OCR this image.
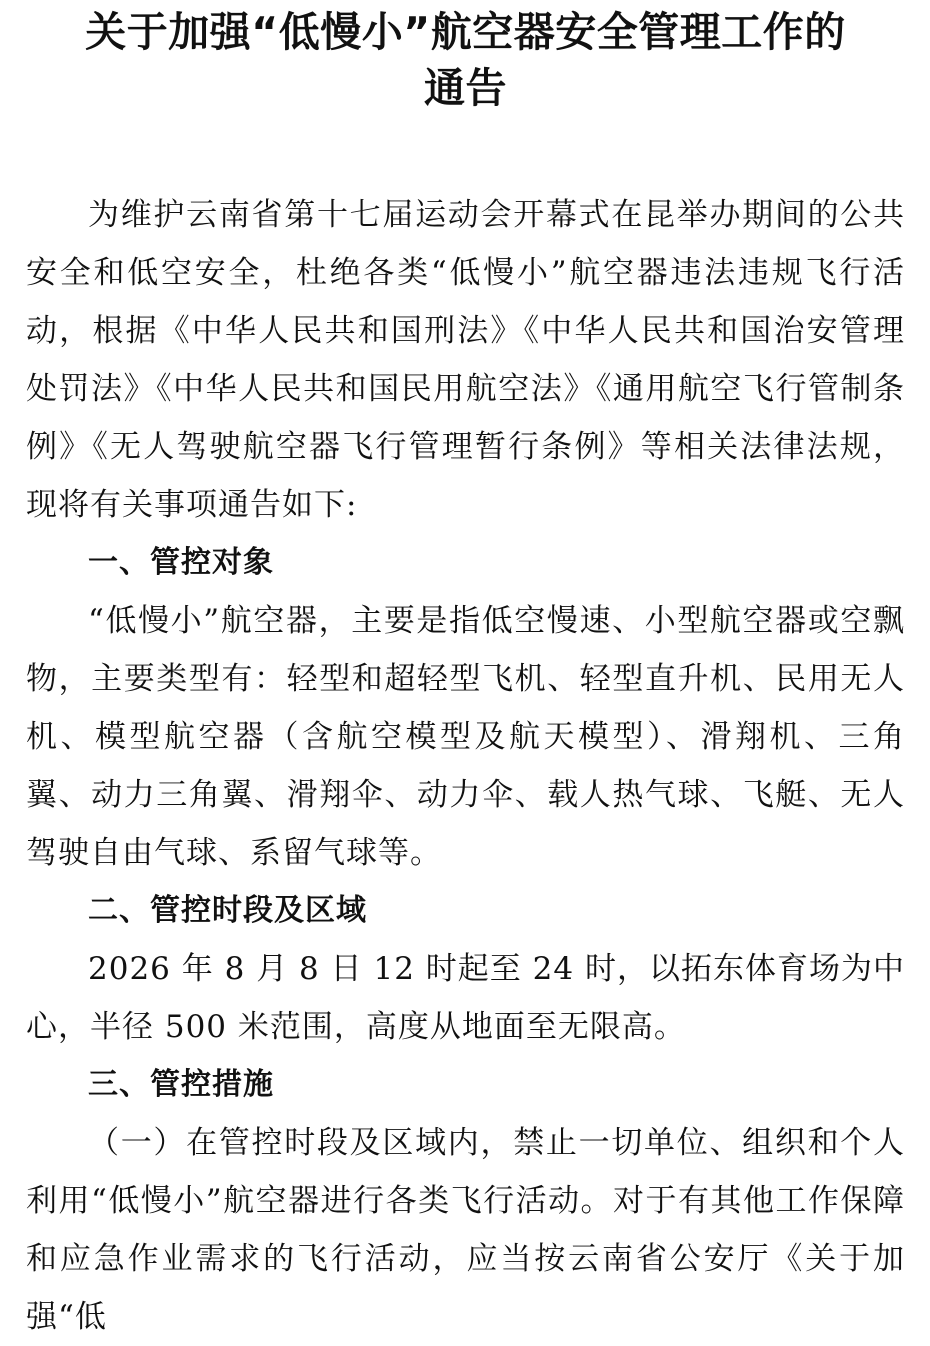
关于加强“低慢小”航空器安全管理工作的
通告

为维护云南省第十七届运动会开幕式在昆举办期间的公共安全和低空安全，杜绝各类“低慢小”航空器违法违规飞行活动，根据《中华人民共和国刑法》《中华人民共和国治安管理处罚法》《中华人民共和国民用航空法》《通用航空飞行管制条例》《无人驾驶航空器飞行管理暂行条例》等相关法律法规，现将有关事项通告如下:

一、管控对象

“低慢小”航空器，主要是指低空慢速、小型航空器或空飘物，主要类型有：轻型和超轻型飞机、轻型直升机、民用无人机、模型航空器（含航空模型及航天模型）、滑翔机、三角翼、动力三角翼、滑翔伞、动力伞、载人热气球、飞艇、无人驾驶自由气球、系留气球等。

二、管控时段及区域

2026 年 8 月 8 日 12 时起至 24 时，以拓东体育场为中心，半径 500 米范围，高度从地面至无限高。

三、管控措施

（一）在管控时段及区域内，禁止一切单位、组织和个人利用“低慢小”航空器进行各类飞行活动。对于有其他工作保障和应急作业需求的飞行活动，应当按云南省公安厅《关于加强“低
